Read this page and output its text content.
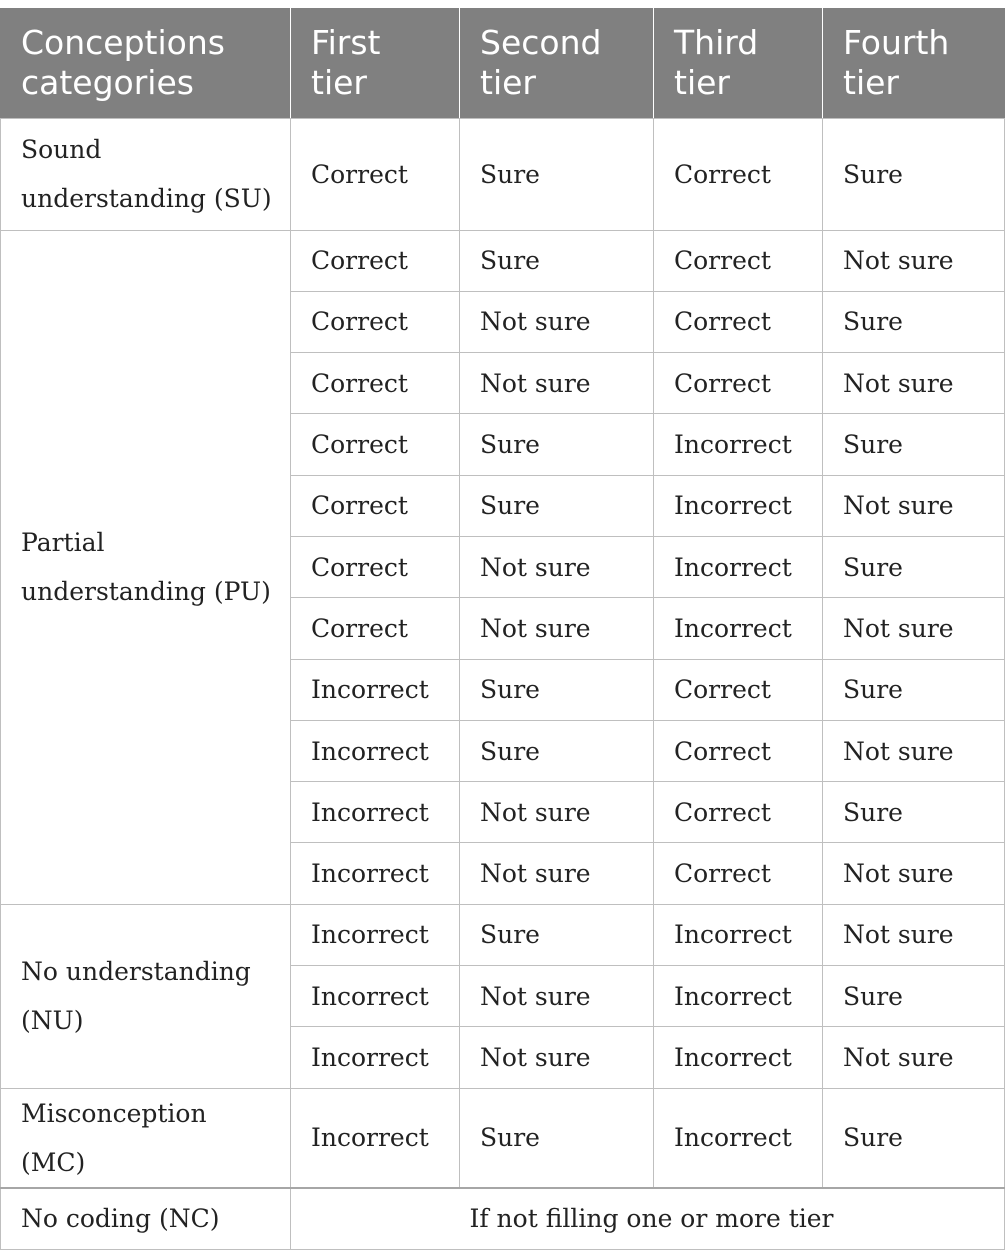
Conceptions categories	First tier	Second tier	Third tier	Fourth tier
Sound understanding (SU)	Correct	Sure	Correct	Sure
Partial understanding (PU)	Correct	Sure	Correct	Not sure
	Correct	Not sure	Correct	Sure
	Correct	Not sure	Correct	Not sure
	Correct	Sure	Incorrect	Sure
	Correct	Sure	Incorrect	Not sure
	Correct	Not sure	Incorrect	Sure
	Correct	Not sure	Incorrect	Not sure
	Incorrect	Sure	Correct	Sure
	Incorrect	Sure	Correct	Not sure
	Incorrect	Not sure	Correct	Sure
	Incorrect	Not sure	Correct	Not sure
No understanding (NU)	Incorrect	Sure	Incorrect	Not sure
	Incorrect	Not sure	Incorrect	Sure
	Incorrect	Not sure	Incorrect	Not sure
Misconception (MC)	Incorrect	Sure	Incorrect	Sure
No coding (NC)	If not filling one or more tier			
